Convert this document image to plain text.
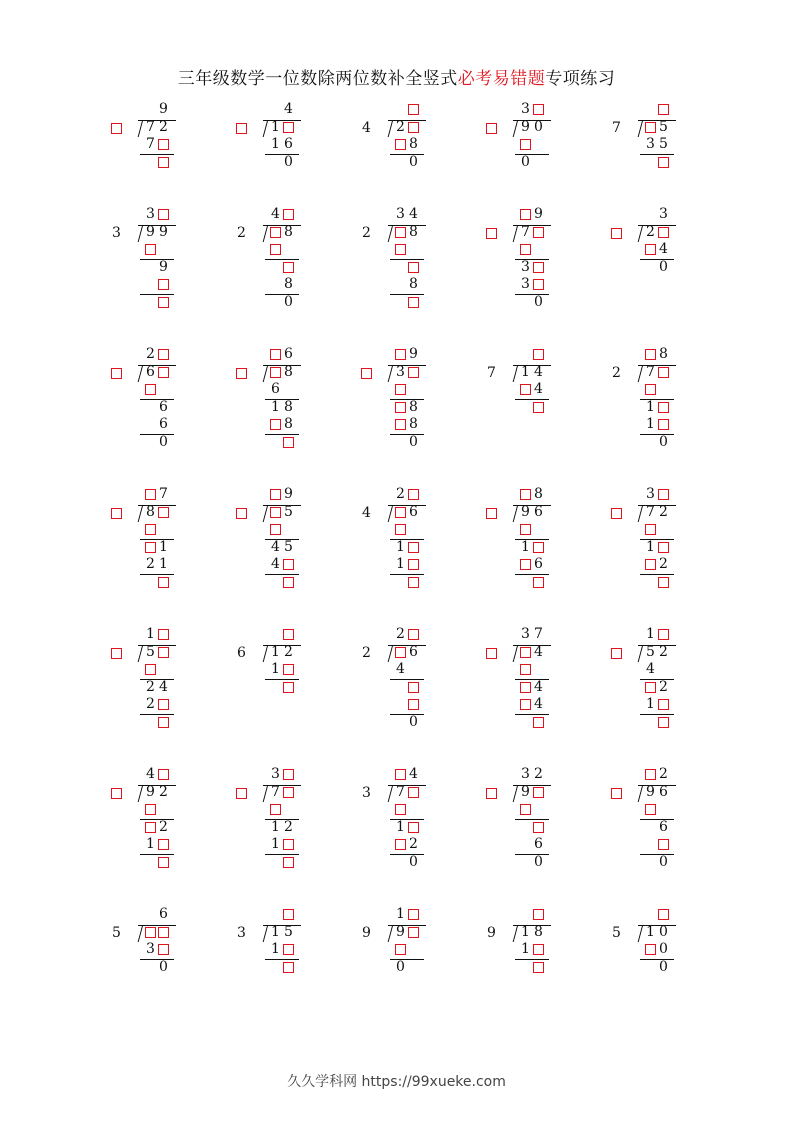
三年级数学一位数除两位数补全竖式必考易错题专项练习

9
7 2
7

4
1
1 6

0
4
2
8

0
3
9 0

0

7
	5
3 5

3
3
9 9

9

2
4
8

8

0
2
3 4
8

8

9
7

3
3

0

3
2
4

0
2
6

6

6

0
6
8
6

1 8
8

9
3

8
8

0
7
1 4
4

2
8
7

1
1

0
7
8

1
2 1

9
5

4 5
4

4
2
6

1
1

8
9 6

1
6

3
7 2

1
2

1
5

2 4
2

6
1 2
1

2
2
6
4

0
3 7
4

4
4

1
5 2
4

2
1

4
9 2

2
1

3
7

1 2
1

3
4
7

1
2

0
3 2
9

6

0
2
9 6

6

0
5

6
3

0
3
1 5
1

9
1
9

0

9
1 8
1

5
1 0
0

0
久久学科网 https://99xueke.com
